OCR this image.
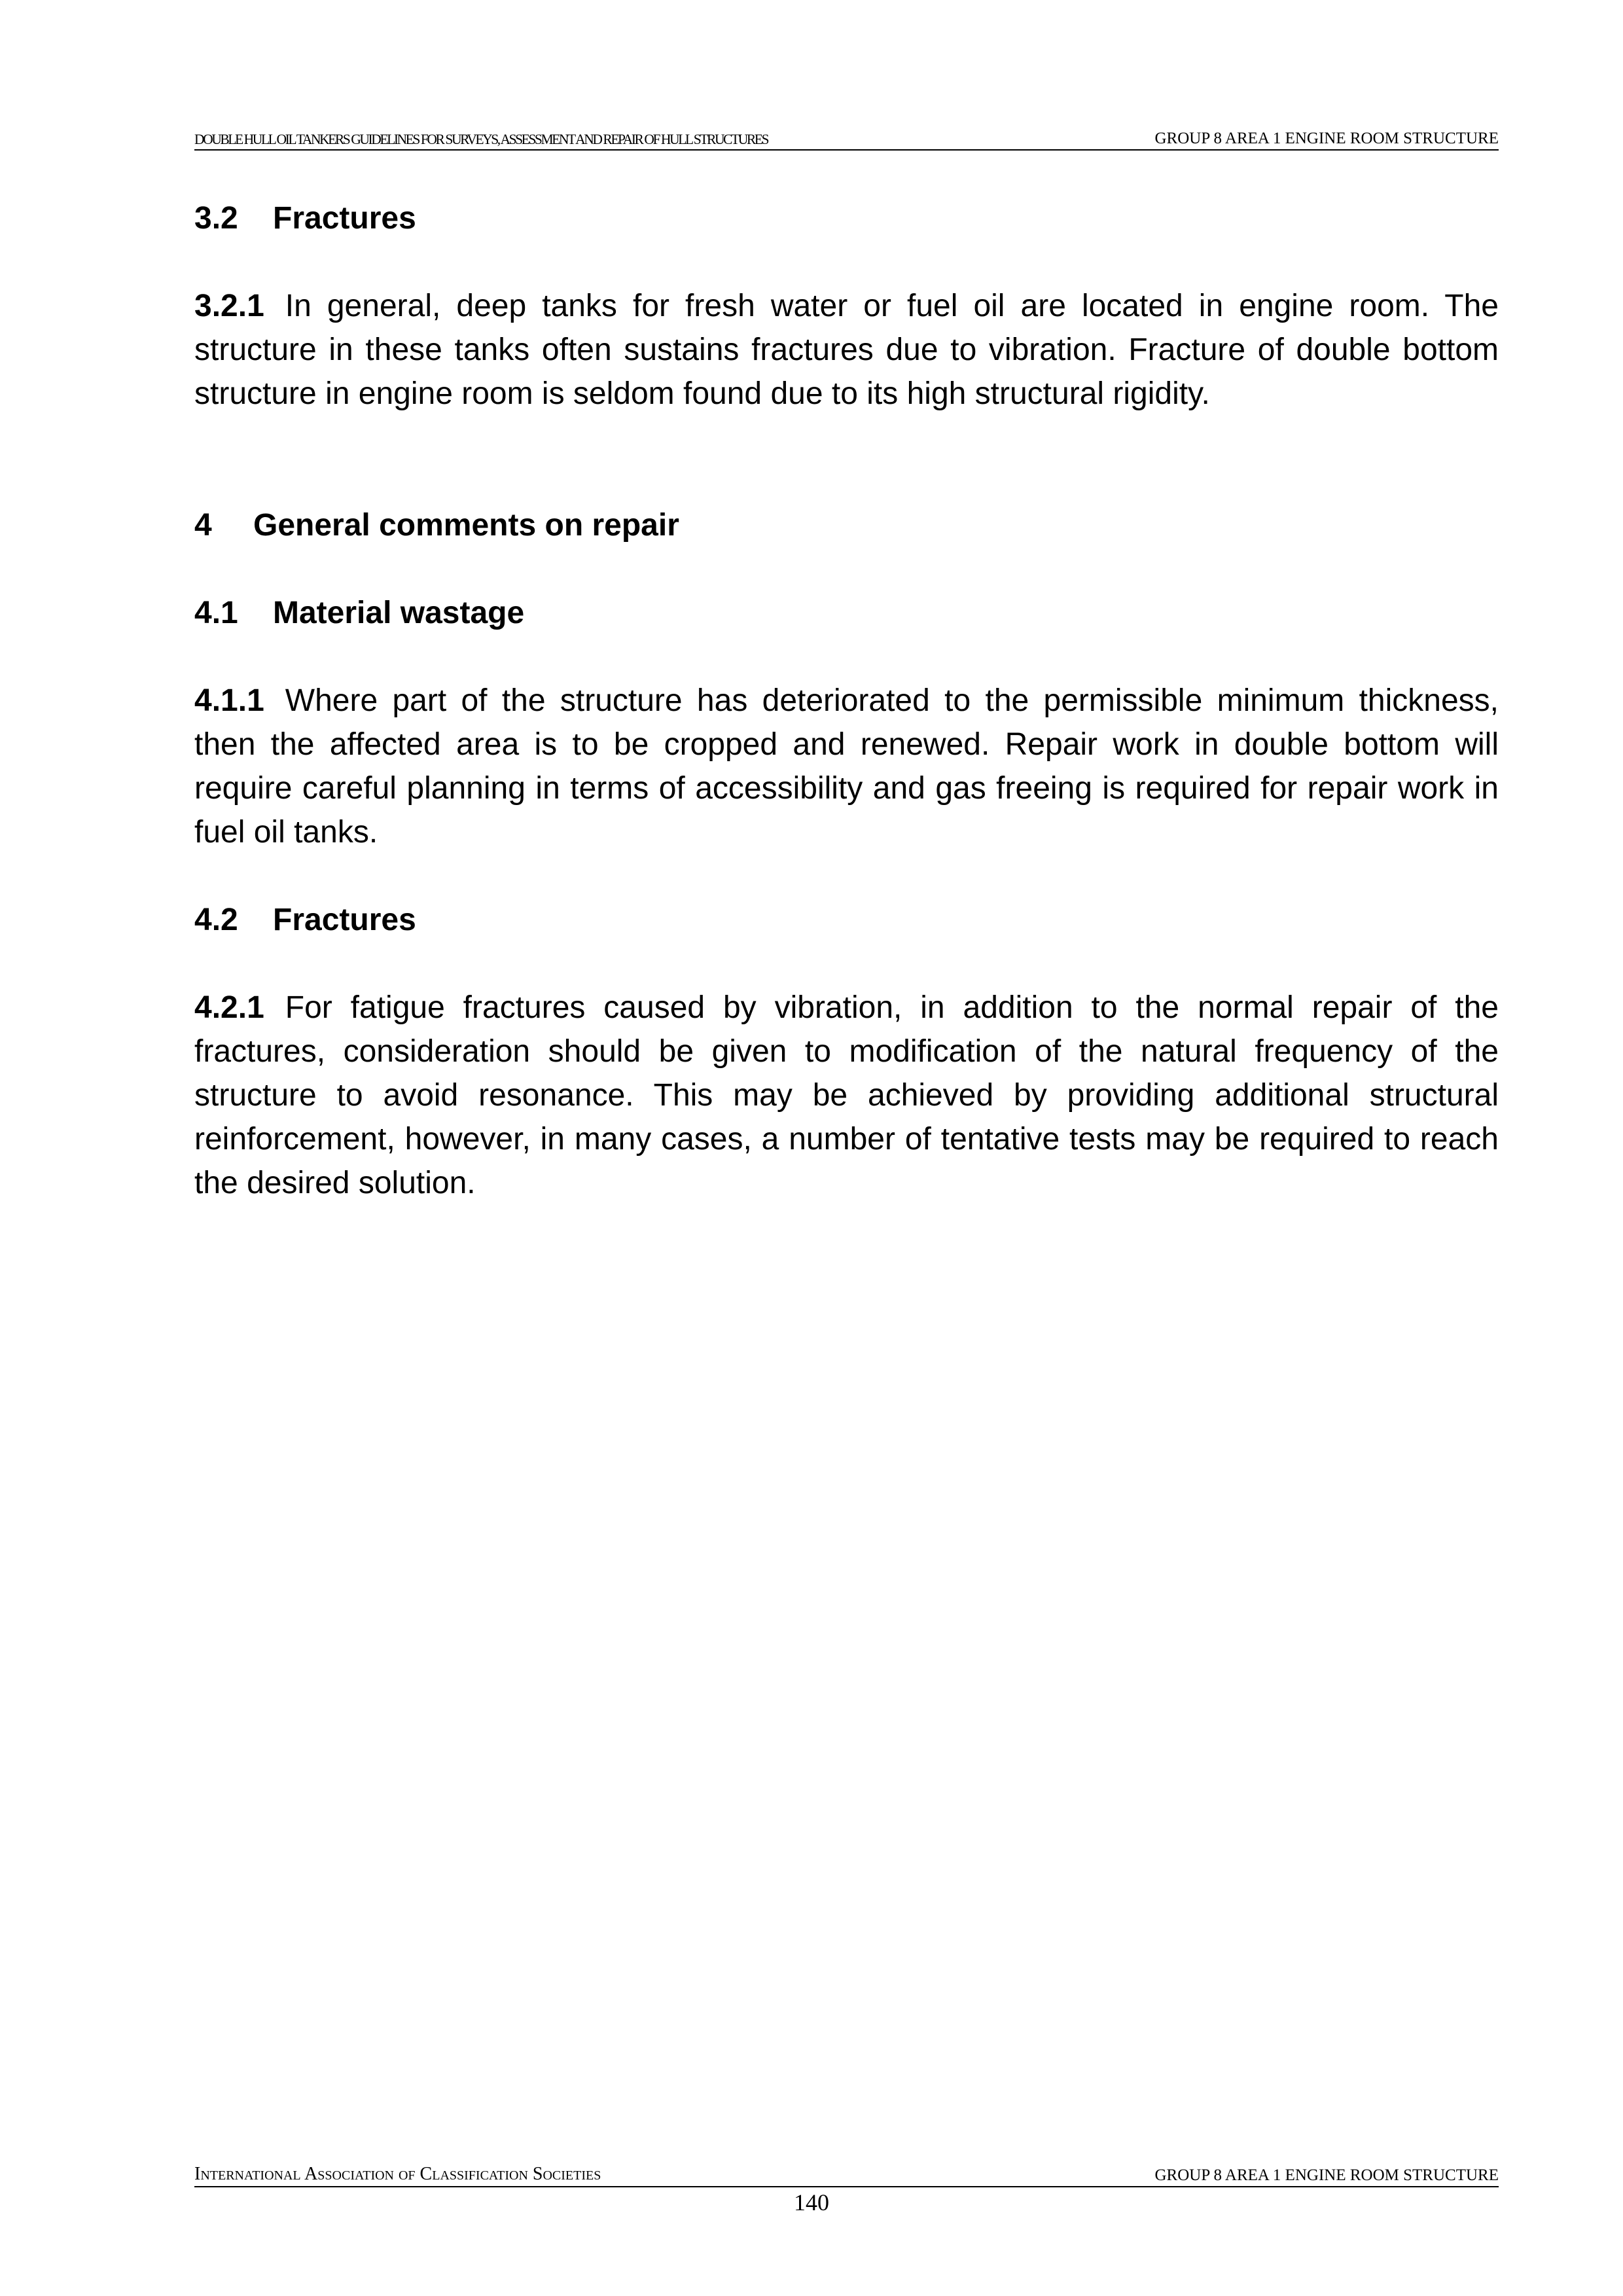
DOUBLE HULL OIL TANKERS GUIDELINES FOR SURVEYS, ASSESSMENT AND REPAIR OF HULL STRUCTURES	GROUP 8 AREA 1 ENGINE ROOM STRUCTURE
3.2 Fractures

3.2.1 In general, deep tanks for fresh water or fuel oil are located in engine room. The structure in these tanks often sustains fractures due to vibration. Fracture of double bottom structure in engine room is seldom found due to its high structural rigidity.

4 General comments on repair
4.1 Material wastage

4.1.1 Where part of the structure has deteriorated to the permissible minimum thickness, then the affected area is to be cropped and renewed. Repair work in double bottom will require careful planning in terms of accessibility and gas freeing is required for repair work in fuel oil tanks.

4.2 Fractures

4.2.1 For fatigue fractures caused by vibration, in addition to the normal repair of the fractures, consideration should be given to modification of the natural frequency of the structure to avoid resonance. This may be achieved by providing additional structural reinforcement, however, in many cases, a number of tentative tests may be required to reach the desired solution.

International Association of Classification Societies	GROUP 8 AREA 1 ENGINE ROOM STRUCTURE
140
